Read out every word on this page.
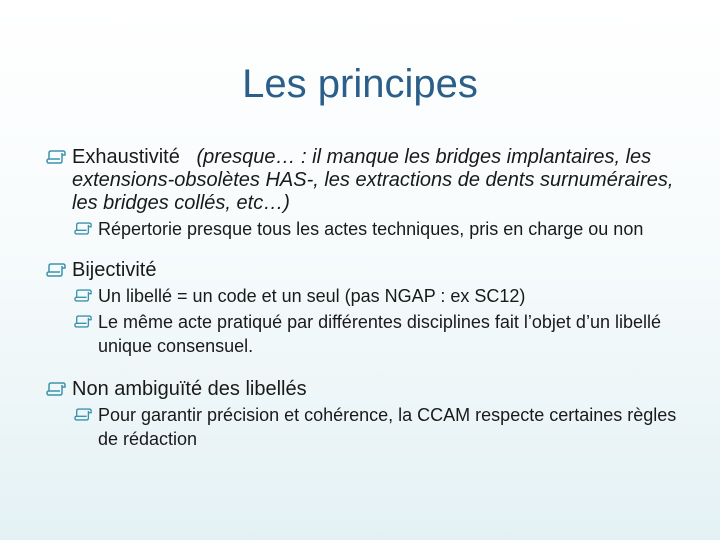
Les principes
Exhaustivité (presque… : il manque les bridges implantaires, les extensions-obsolètes HAS-, les extractions de dents surnuméraires, les bridges collés, etc…)
Répertorie presque tous les actes techniques, pris en charge ou non
Bijectivité
Un libellé = un code et un seul (pas NGAP : ex SC12)
Le même acte pratiqué par différentes disciplines fait l’objet d’un libellé unique consensuel.
Non ambiguïté des libellés
Pour garantir précision et cohérence, la CCAM respecte certaines règles de rédaction
